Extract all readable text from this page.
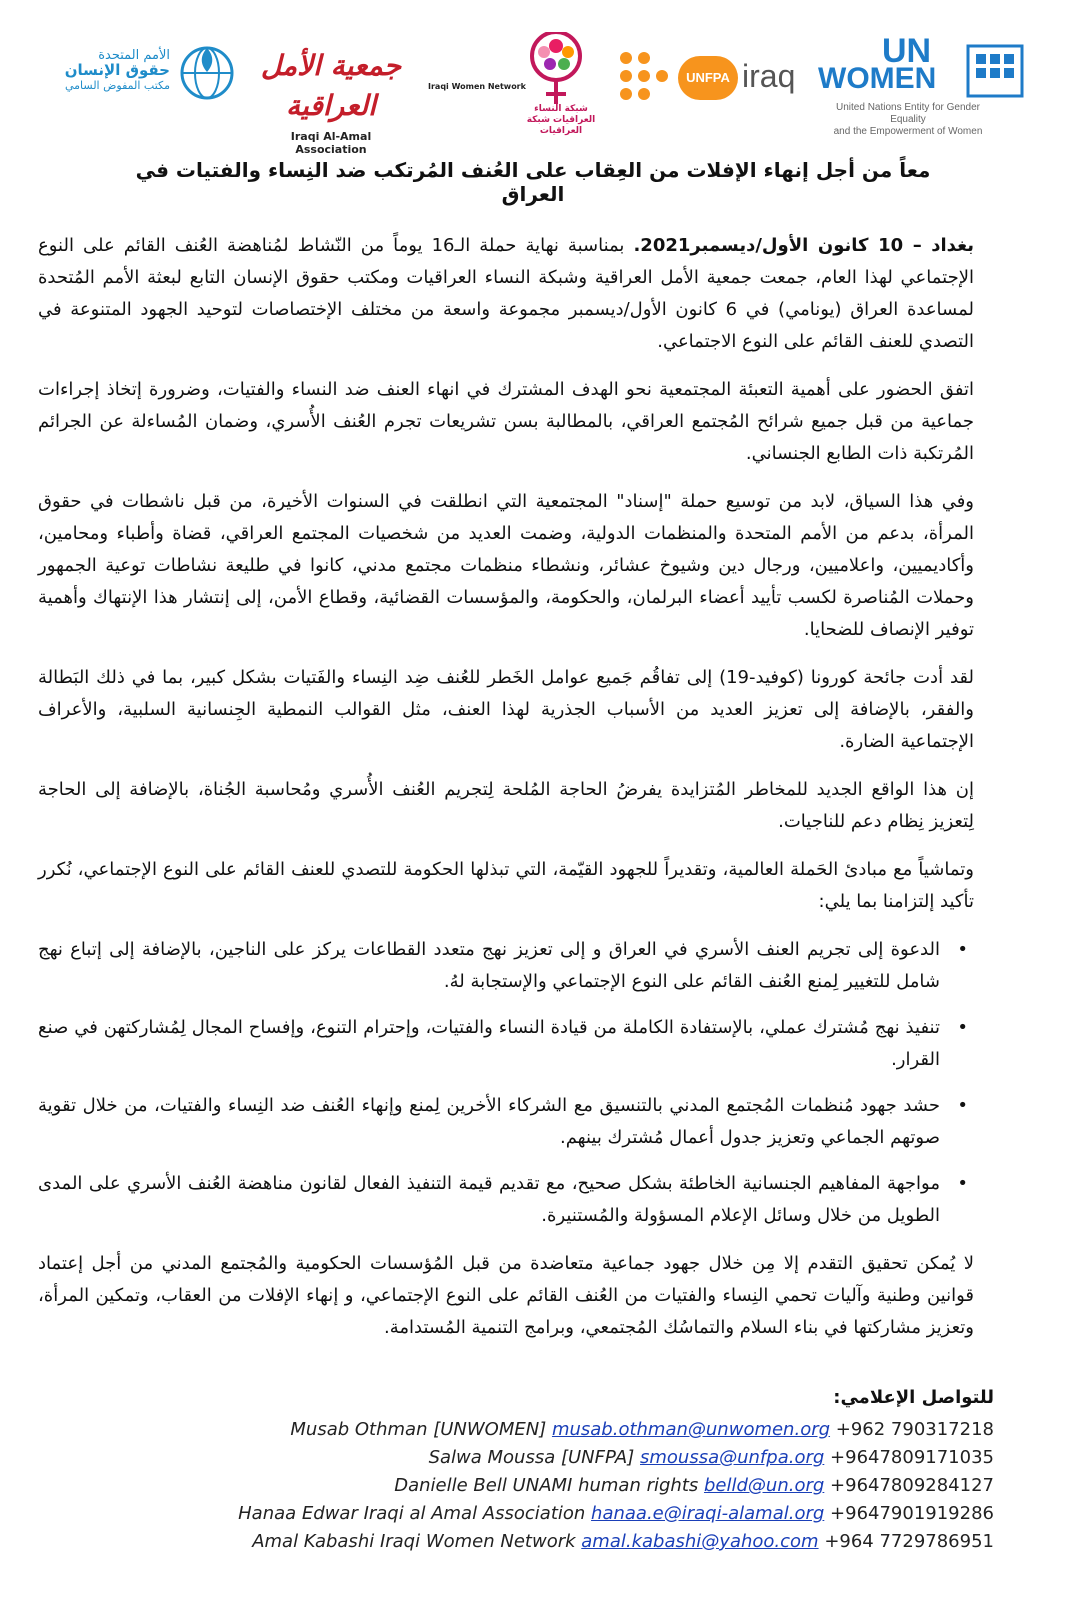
الأمم المتحدة
حقوق الإنسان
مكتب المفوض السامي
جمعية الأمل العراقية
Iraqi Al-Amal Association
Iraqi Women Network
شبكة النساء العراقيات شبكة العراقيات
UNFPA iraq
UN
WOMEN
United Nations Entity for Gender Equality
and the Empowerment of Women
معاً من أجل إنهاء الإفلات من العِقاب على العُنف المُرتكب ضد النِساء والفتيات في العراق

بغداد – 10 كانون الأول/ديسمبر2021. بمناسبة نهاية حملة الـ16 يوماً من النّشاط لمُناهضة العُنف القائم على النوع الإجتماعي لهذا العام، جمعت جمعية الأمل العراقية وشبكة النساء العراقيات ومكتب حقوق الإنسان التابع لبعثة الأمم المُتحدة لمساعدة العراق (يونامي) في 6 كانون الأول/ديسمبر مجموعة واسعة من مختلف الإختصاصات لتوحيد الجهود المتنوعة في التصدي للعنف القائم على النوع الاجتماعي.

اتفق الحضور على أهمية التعبئة المجتمعية نحو الهدف المشترك في انهاء العنف ضد النساء والفتيات، وضرورة إتخاذ إجراءات جماعية من قبل جميع شرائح المُجتمع العراقي، بالمطالبة بسن تشريعات تجرم العُنف الأُسري، وضمان المُساءلة عن الجرائم المُرتكبة ذات الطابع الجنساني.

وفي هذا السياق، لابد من توسيع حملة "إسناد" المجتمعية التي انطلقت في السنوات الأخيرة، من قبل ناشطات في حقوق المرأة، بدعم من الأمم المتحدة والمنظمات الدولية، وضمت العديد من شخصيات المجتمع العراقي، قضاة وأطباء ومحامين، وأكاديميين، واعلاميين، ورجال دين وشيوخ عشائر، ونشطاء منظمات مجتمع مدني، كانوا في طليعة نشاطات توعية الجمهور وحملات المُناصرة لكسب تأييد أعضاء البرلمان، والحكومة، والمؤسسات القضائية، وقطاع الأمن، إلى إنتشار هذا الإنتهاك وأهمية توفير الإنصاف للضحايا.

لقد أدت جائحة كورونا (كوفيد-19) إلى تفاقُم جَميع عوامل الخَطر للعُنف ضِد النِساء والفَتيات بشكل كبير، بما في ذلك البَطالة والفقر، بالإضافة إلى تعزيز العديد من الأسباب الجذرية لهذا العنف، مثل القوالب النمطية الجِنسانية السلبية، والأعراف الإجتماعية الضارة.

إن هذا الواقع الجديد للمخاطر المُتزايدة يفرضُ الحاجة المُلحة لِتجريم العُنف الأُسري ومُحاسبة الجُناة، بالإضافة إلى الحاجة لِتعزيز نِظام دعم للناجيات.

وتماشياً مع مبادئ الحَملة العالمية، وتقديراً للجهود القيّمة، التي تبذلها الحكومة للتصدي للعنف القائم على النوع الإجتماعي، نُكرر تأكيد إلتزامنا بما يلي:

• الدعوة إلى تجريم العنف الأسري في العراق و إلى تعزيز نهج متعدد القطاعات يركز على الناجين، بالإضافة إلى إتباع نهج شامل للتغيير لِمنع العُنف القائم على النوع الإجتماعي والإستجابة لهُ.
• تنفيذ نهج مُشترك عملي، بالإستفادة الكاملة من قيادة النساء والفتيات، وإحترام التنوع، وإفساح المجال لِمُشاركتهن في صنع القرار.
• حشد جهود مُنظمات المُجتمع المدني بالتنسيق مع الشركاء الأخرين لِمنع وإنهاء العُنف ضد النِساء والفتيات، من خلال تقوية صوتهم الجماعي وتعزيز جدول أعمال مُشترك بينهم.
• مواجهة المفاهيم الجنسانية الخاطئة بشكل صحيح، مع تقديم قيمة التنفيذ الفعال لقانون مناهضة العُنف الأسري على المدى الطويل من خلال وسائل الإعلام المسؤولة والمُستنيرة.

لا يُمكن تحقيق التقدم إلا مِن خلال جهود جماعية متعاضدة من قبل المُؤسسات الحكومية والمُجتمع المدني من أجل إعتماد قوانين وطنية وآليات تحمي النِساء والفتيات من العُنف القائم على النوع الإجتماعي، و إنهاء الإفلات من العقاب، وتمكين المرأة، وتعزيز مشاركتها في بناء السلام والتماسُك المُجتمعي، وبرامج التنمية المُستدامة.

للتواصل الإعلامي:
Musab Othman [UNWOMEN] musab.othman@unwomen.org +962 790317218
Salwa Moussa [UNFPA] smoussa@unfpa.org +9647809171035
Danielle Bell UNAMI human rights belld@un.org +9647809284127
Hanaa Edwar Iraqi al Amal Association hanaa.e@iraqi-alamal.org +9647901919286
Amal Kabashi Iraqi Women Network amal.kabashi@yahoo.com +964 7729786951
